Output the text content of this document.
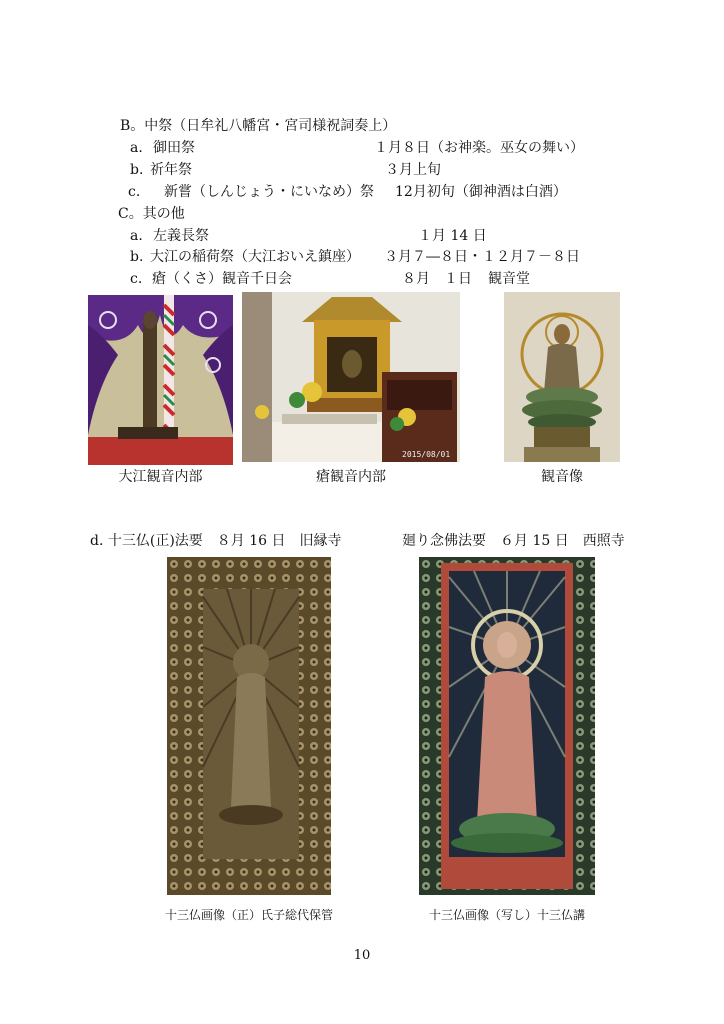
B。中祭（日牟礼八幡宮・宮司様祝詞奏上）
a. 御田祭	１月８日（お神楽。巫女の舞い）
b. 祈年祭	３月上旬
c. 新嘗（しんじょう・にいなめ）祭 12月初旬（御神酒は白酒）
C。其の他
a. 左義長祭	１月 14 日
b. 大江の稲荷祭（大江おいえ鎮座） ３月７―８日・１２月７－８日
c. 瘡（くさ）観音千日会	８月　１日 観音堂
大江観音内部
2015/08/01
瘡観音内部	観音像
d. 十三仏(正)法要　８月 16 日　旧縁寺	廻り念佛法要　６月 15 日　西照寺
十三仏画像（正）氏子総代保管	十三仏画像（写し）十三仏講
10
